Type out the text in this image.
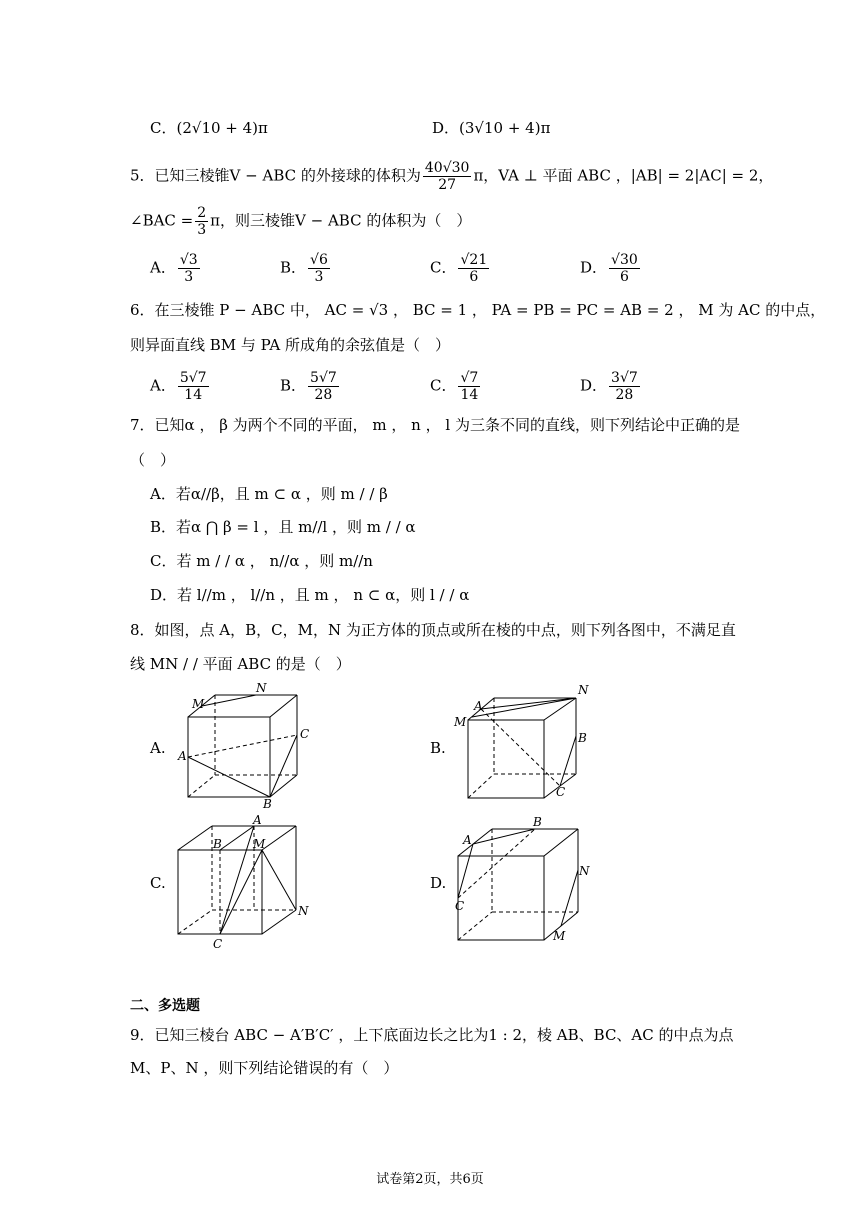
C．(2√10 + 4)π	D．(3√10 + 4)π
5．已知三棱锥V − ABC 的外接球的体积为 $\frac{40√30}{27}$ π，VA ⊥ 平面 ABC ，|AB| = 2|AC| = 2，
∠BAC = $\frac{2}{3}$ π，则三棱锥V − ABC 的体积为（　）
A． $\frac{√3}{3}$	B． $\frac{√6}{3}$	C． $\frac{√21}{6}$	D． $\frac{√30}{6}$
6．在三棱锥 P − ABC 中， AC = √3 ， BC = 1 ， PA = PB = PC = AB = 2 ， M 为 AC 的中点，
则异面直线 BM 与 PA 所成角的余弦值是（　）
A． $\frac{5√7}{14}$	B． $\frac{5√7}{28}$	C． $\frac{√7}{14}$	D． $\frac{3√7}{28}$
7．已知α ， β 为两个不同的平面， m ， n ， l 为三条不同的直线，则下列结论中正确的是
（　）
A．若α//β，且 m ⊂ α ，则 m / / β
B．若α ⋂ β = l ，且 m//l ，则 m / / α
C．若 m / / α ， n//α ，则 m//n
D．若 l//m ， l//n ，且 m ， n ⊂ α，则 l / / α
8．如图，点 A，B，C，M，N 为正方体的顶点或所在棱的中点，则下列各图中，不满足直
线 MN / / 平面 ABC 的是（　）
A.	B.
C.	D.
M
N
A
B
C
M
N
A
B
C
B
A
M
N
C
A
B
C
N
M
二、多选题
9．已知三棱台 ABC − A′B′C′ ，上下底面边长之比为1 : 2，棱 AB、BC、AC 的中点为点
M、P、N ，则下列结论错误的有（　）
试卷第2页，共6页
